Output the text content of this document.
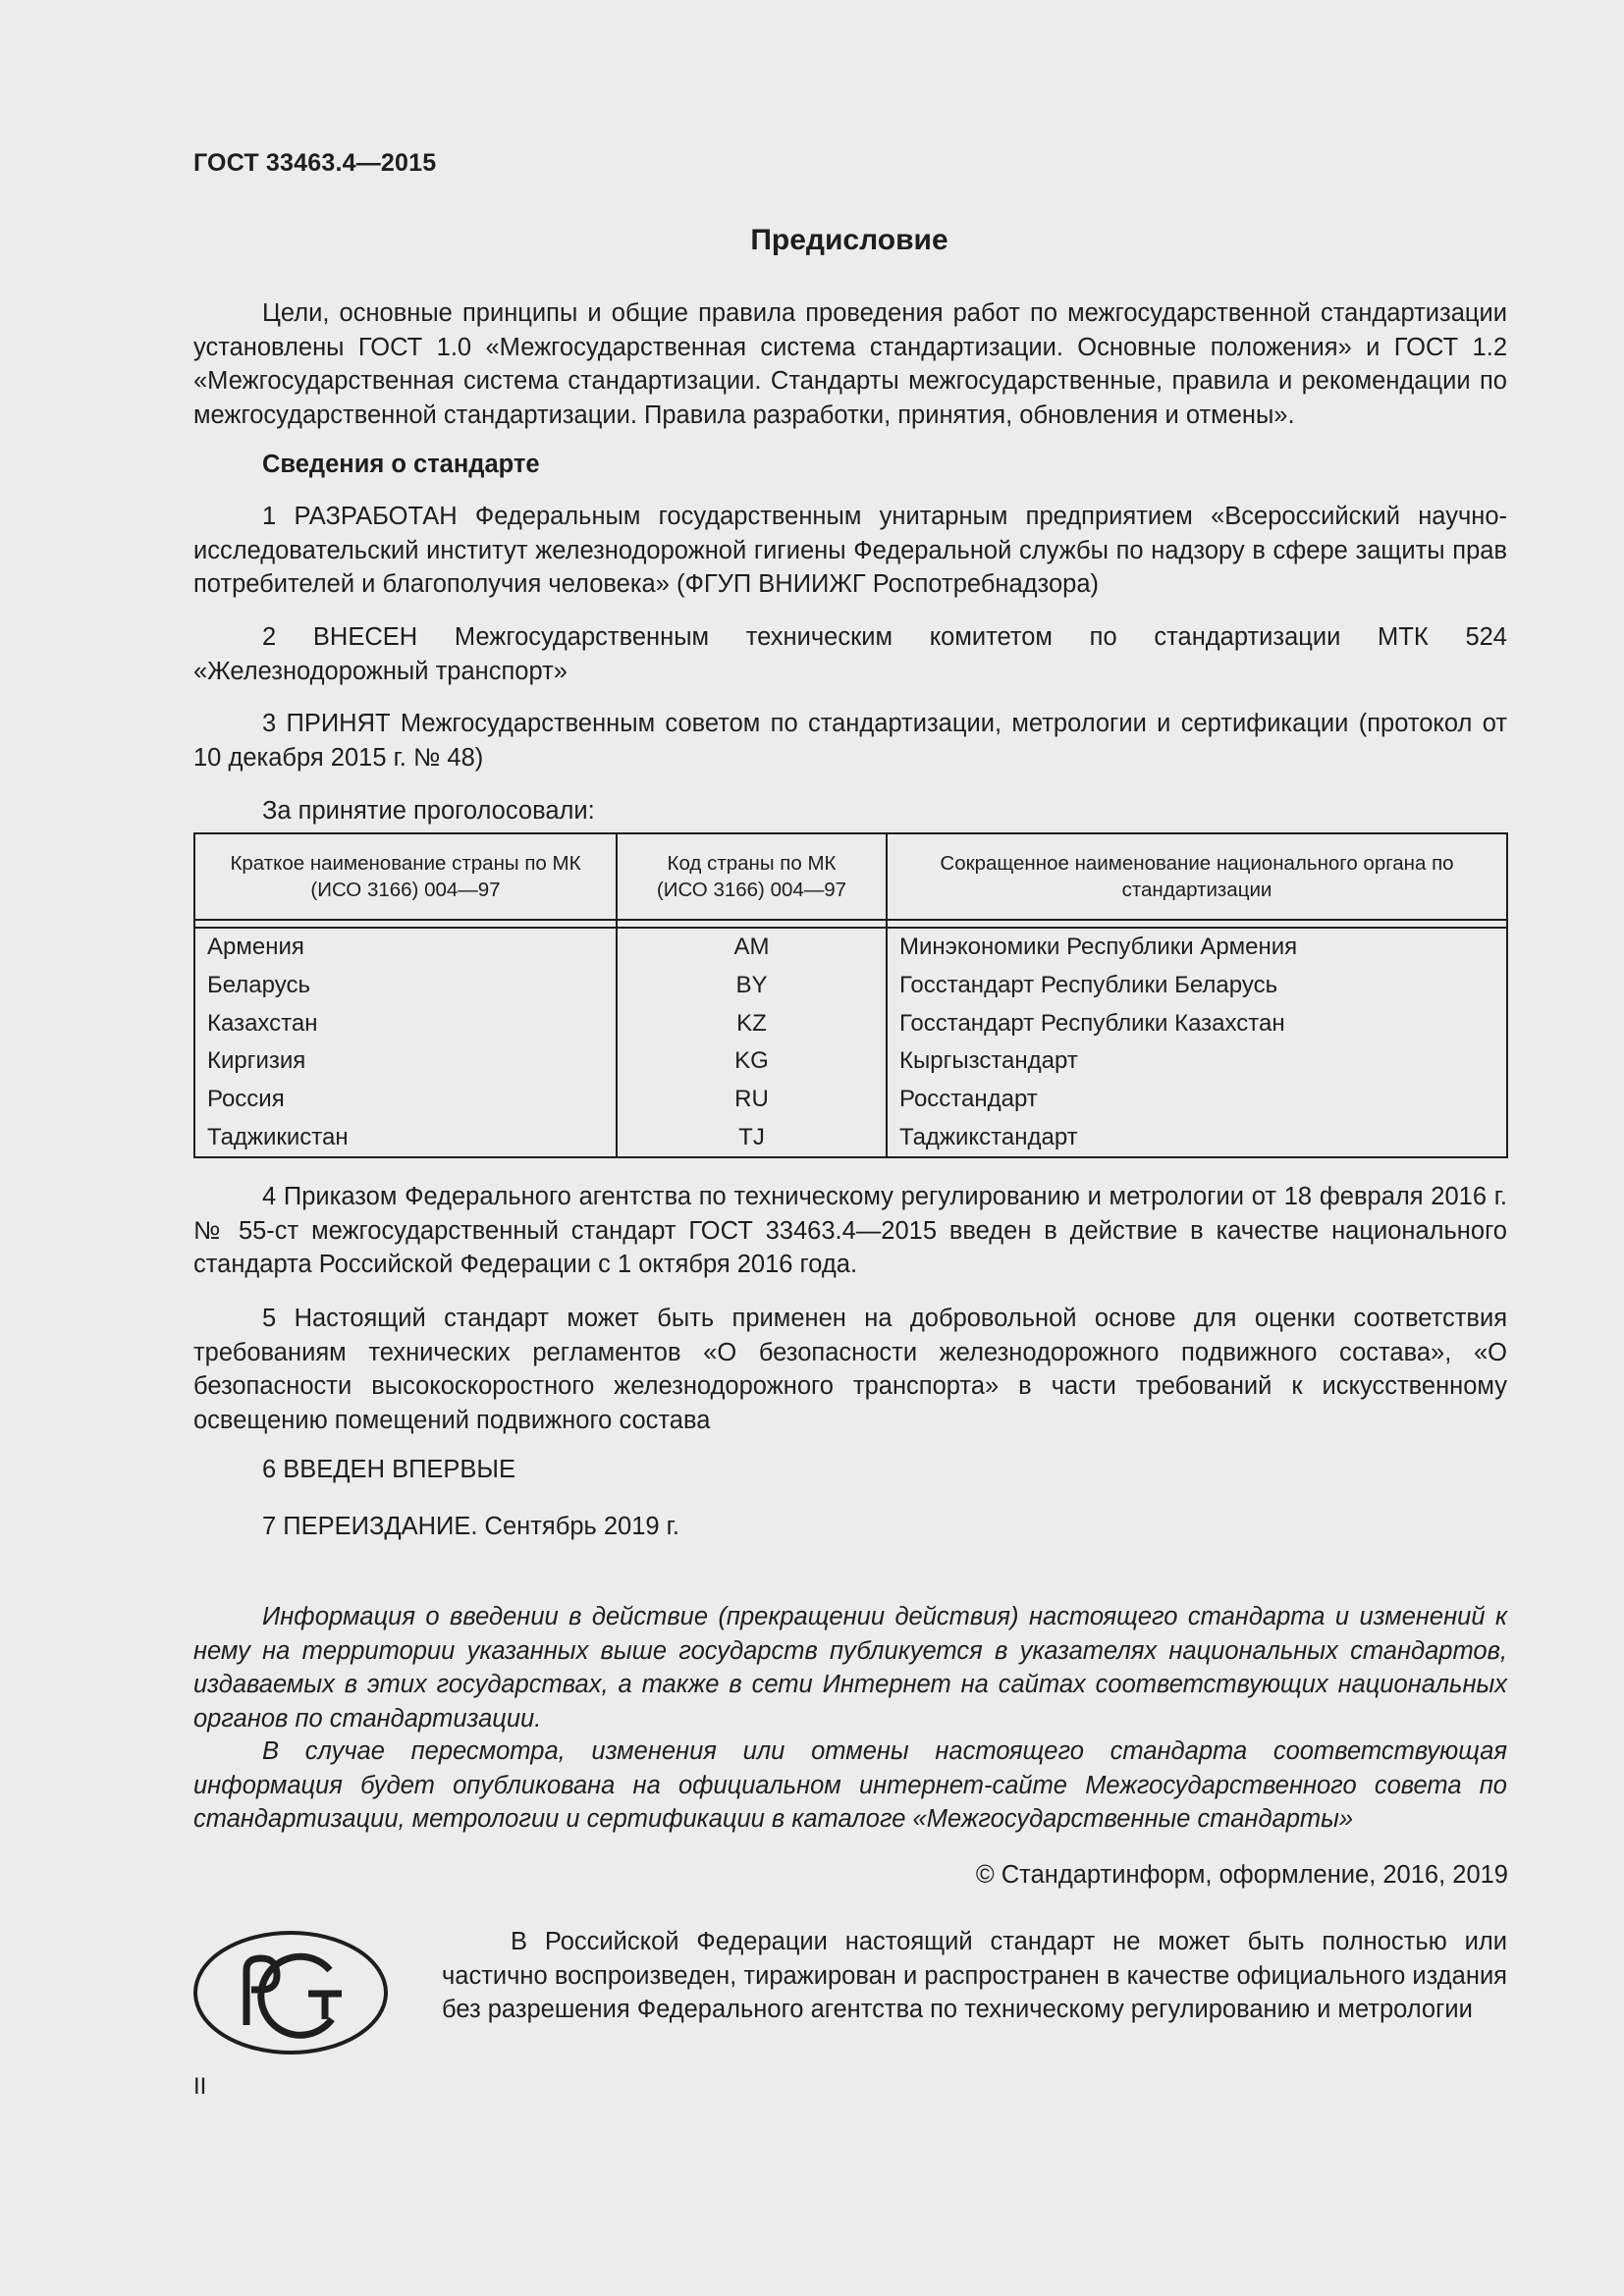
ГОСТ 33463.4—2015
Предисловие
Цели, основные принципы и общие правила проведения работ по межгосударственной стандартизации установлены ГОСТ 1.0 «Межгосударственная система стандартизации. Основные положения» и ГОСТ 1.2 «Межгосударственная система стандартизации. Стандарты межгосударственные, правила и рекомендации по межгосударственной стандартизации. Правила разработки, принятия, обновления и отмены».
Сведения о стандарте
1 РАЗРАБОТАН Федеральным государственным унитарным предприятием «Всероссийский научно-исследовательский институт железнодорожной гигиены Федеральной службы по надзору в сфере защиты прав потребителей и благополучия человека» (ФГУП ВНИИЖГ Роспотребнадзора)
2 ВНЕСЕН Межгосударственным техническим комитетом по стандартизации МТК 524 «Железнодорожный транспорт»
3 ПРИНЯТ Межгосударственным советом по стандартизации, метрологии и сертификации (протокол от 10 декабря 2015 г. № 48)
За принятие проголосовали:
Краткое наименование страны по МК (ИСО 3166) 004—97	Код страны по МК (ИСО 3166) 004—97	Сокращенное наименование национального органа по стандартизации

Армения	AM	Минэкономики Республики Армения
Беларусь	BY	Госстандарт Республики Беларусь
Казахстан	KZ	Госстандарт Республики Казахстан
Киргизия	KG	Кыргызстандарт
Россия	RU	Росстандарт
Таджикистан	TJ	Таджикстандарт
4 Приказом Федерального агентства по техническому регулированию и метрологии от 18 февраля 2016 г. № 55-ст межгосударственный стандарт ГОСТ 33463.4—2015 введен в действие в качестве национального стандарта Российской Федерации с 1 октября 2016 года.
5 Настоящий стандарт может быть применен на добровольной основе для оценки соответствия требованиям технических регламентов «О безопасности железнодорожного подвижного состава», «О безопасности высокоскоростного железнодорожного транспорта» в части требований к искусственному освещению помещений подвижного состава
6 ВВЕДЕН ВПЕРВЫЕ
7 ПЕРЕИЗДАНИЕ. Сентябрь 2019 г.
Информация о введении в действие (прекращении действия) настоящего стандарта и изменений к нему на территории указанных выше государств публикуется в указателях национальных стандартов, издаваемых в этих государствах, а также в сети Интернет на сайтах соответствующих национальных органов по стандартизации.
В случае пересмотра, изменения или отмены настоящего стандарта соответствующая информация будет опубликована на официальном интернет-сайте Межгосударственного совета по стандартизации, метрологии и сертификации в каталоге «Межгосударственные стандарты»
© Стандартинформ, оформление, 2016, 2019
В Российской Федерации настоящий стандарт не может быть полностью или частично воспроизведен, тиражирован и распространен в качестве официального издания без разрешения Федерального агентства по техническому регулированию и метрологии
II
